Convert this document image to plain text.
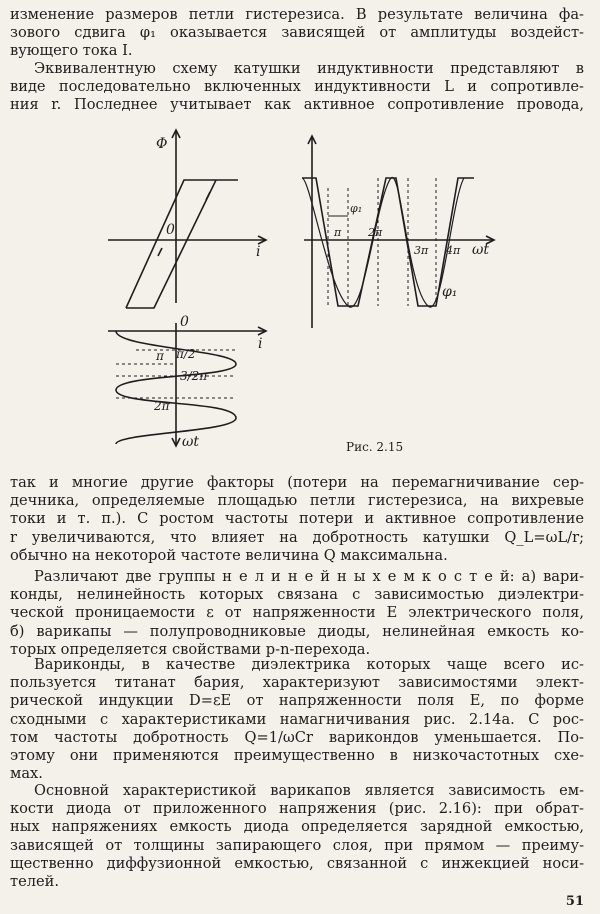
изменение размеров петли гистерезиса. В результате величина фа-
зового сдвига φ₁ оказывается зависящей от амплитуды воздейст-
вующего тока I.

Эквивалентную схему катушки индуктивности представляют в
виде последовательно включенных индуктивности L и сопротивле-
ния r. Последнее учитывает как активное сопротивление провода,

Φ
0
i
0
i
π/2
π
3/2π
2π
ωt
φ₁
π 2π
3π 4π ωt
φ₁
Рис. 2.15

так и многие другие факторы (потери на перемагничивание сер-
дечника, определяемые площадью петли гистерезиса, на вихревые
токи и т. п.). С ростом частоты потери и активное сопротивление
r увеличиваются, что влияет на добротность катушки Q_L=ωL/r;
обычно на некоторой частоте величина Q максимальна.

Различают две группы н е л и н е й н ы х е м к о с т е й: а) вари-
конды, нелинейность которых связана с зависимостью диэлектри-
ческой проницаемости ε от напряженности E электрического поля,
б) варикапы — полупроводниковые диоды, нелинейная емкость ко-
торых определяется свойствами p-n-перехода.

Вариконды, в качестве диэлектрика которых чаще всего ис-
пользуется титанат бария, характеризуют зависимостями элект-
рической индукции D=εE от напряженности поля E, по форме
сходными с характеристиками намагничивания рис. 2.14а. С рос-
том частоты добротность Q=1/ωCr варикондов уменьшается. По-
этому они применяются преимущественно в низкочастотных схе-
мах.

Основной характеристикой варикапов является зависимость ем-
кости диода от приложенного напряжения (рис. 2.16): при обрат-
ных напряжениях емкость диода определяется зарядной емкостью,
зависящей от толщины запирающего слоя, при прямом — преиму-
щественно диффузионной емкостью, связанной с инжекцией носи-
телей.

51
